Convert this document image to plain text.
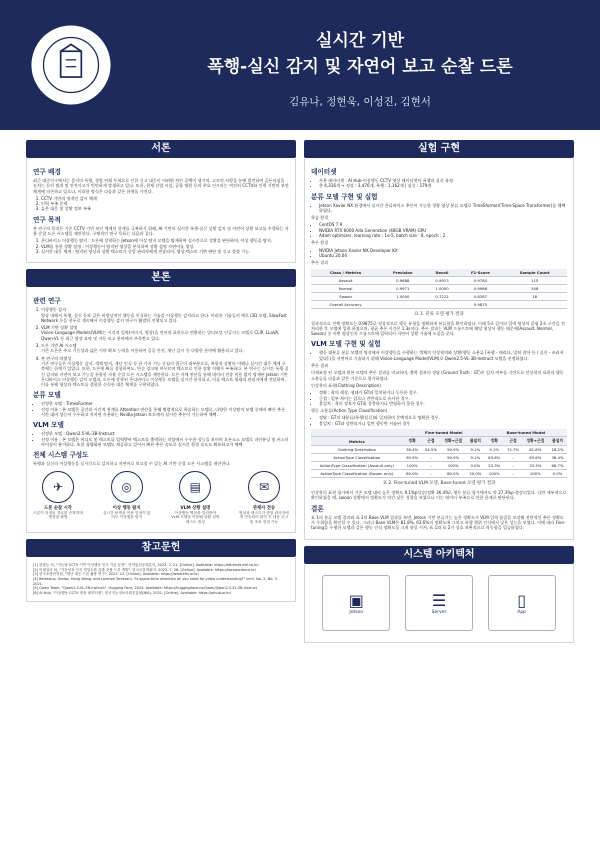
실시간 기반
폭행-실신 감지 및 자연어 보고 순찰 드론
김유나, 정현욱, 이성진, 김현서
서론
연구 배경
최근 대중인구에서는 묻지마 폭행, 경범 연쇄 투척으로 인한 신고 대응이 어려워 치안 공백이 생기며, 고르린 사람을 눈에 발견하여 골든타임을 놓치는 등의 범죄 및 안전사고가 빈번하게 발생하고 있다. 또한, 현재 산업 시설, 공항 병원 등의 주요 인프라는 여전히 CCTV와 인력 기반의 보안 체계에 의존하고 있으나, 이러한 방식은 다음과 같은 한계를 가진다.
1. CCTV 기반의 정적인 감시 체계
2. 인력 부족 문제
3. 늦은 대응 및 상황 정보 부족
연구 목적
본 연구의 목적은 기존 CCTV 기반 보안 체계의 한계를 극복하기 위해, AI 기반의 실시간 폭행·실신 상황 감지 및 자연어 상황 보고를 수행하는 자율 순찰 드론 시스템을 제안한다. 구체적인 연구 목표는 다음과 같다.
1. 온디바이스 이상행동 탐지 : 드론에 장착하는 Jetson에 이상 탐지 모델을 탑재하여 실시간으로 상황을 판단하며, 이상 행동을 탐지.
2. VLM을 통한 상황 설명 : 이상행동이 탐지된 영상을 분석하여 상황 설명 자연어를 생성.
3. 실시간 대응 체계 : 탐지된 영상과 상황 텍스트가 중앙 관리자에게 전송되어, 영상·텍스트 기반 판단 및 신고 결정 가능.
본론
관련 연구
1. 이상행동 감지
영상 내에서 폭행, 실신 등과 같은 비정상적인 행동을 인식하는 기술을 이상행동 감지라고 한다. 이러한 기술들의 예로 I3D 모델, SlowFast Network 등을 선두로 계속해서 이상행동 감지 연구가 활발히 진행되고 있다.
2. VLM 기반 상황 설명
Vision-Language Models(VLM)는 시각적 입력(이미지, 영상)을 언어적 표현으로 변환하는 멀티모달 인공지능 모델로 CLIP, LLaVA, Qwen-VL 등 최근 영상 요약 및 자동 보고 분야에서 주목받고 있다.
3. 드론 기반 AI 시스템
기존 드론은 주로 기동성과 넓은 시야 확보 능력을 이용하여 공공 안전, 재난 감시 등 다양한 분야에 활용되고 있다.
4. 본 연구의 차별성
기존 연구들은 이상행동 감지, 객체 탐지, 재난 인식 등 한 가지 기능 중심의 접근이 대부분으로, 복합적 상황의 이해나 실시간 대응 체계 구축에는 한계가 있었다. 또한, 드론에 AI를 결합하여도, 단순 경고에 머무르며 텍스트로 인한 상황 이해가 부족하다. 본 연구는 실시간 폭행·실신 감지와 자연어 보고 기능을 통합한 자율 순찰 드론 시스템을 제안한다. 드론 자체 연산을 통해 데이터 전송 비용 없이 탑재된 Jetson 기반 온디바이스 이상행동 감지 모델과, 드론에 장착된 온디바이스 이상행동 모델을 실시간 분석하고, 이를 텍스트 형태의 관리자에게 전달하여, 이를 통해 영상과 텍스트를 결합한 신속한 대응 체계를 구현하였다.
분류 모델
• 선정한 모델 : TimesFormer
• 선정 이유 : 본 모델은 공간과 시간적 관계를 Attention 연산을 통해 병렬적으로 학습하는 모델로, 다양한 이상탐지 모델 중에서 빠른 추론 시간 대비 성능이 우수하고 저지연 사용하는 Nvidia Jetson 보드에서 실시간 추론이 가능하여 채택.
VLM 모델
• 선정한 모델 : Qwen2.5-VL-3B-Instruct
• 선정 이유 : 본 모델은 비디오 및 텍스트를 입력받아 텍스트를 출력하는 작업에서 우수한 성능을 보이며 오픈소스 모델로 파인튜닝 및 커스터마이징이 용이하다. 또한 경량화된 모델도 제공하고 있어서 빠른 추론 속도로 실시간 환경 속도도 확보하고자 채택.
전체 시스템 구성도
폭행과 실신의 이상행동을 실시간으로 감지하고 자연어로 보고할 수 있는 AI 기반 순찰 드론 시스템을 제안한다.
✈
드론 순찰 시작
드론이 지정된 경로를 순찰하며 영상을 촬영
◎
이상 행동 탐지
실시간 탐색을 이용 일정이 있어도 이상행동 탐지
▤
VLM 상황 설명
이상행동 영상을 입력받아 VLM 모델을 이용해 상황 설명 텍스트 생성
✉
관제자 전송
영상과 텍스트가 중앙 관리자에게 전송되어 확인 후 대응 신고 및 조치 결정 가능
참고문헌
[1] 한창능 외, "지능형 CCTV 기반 이상행동 인식 기술 동향", 전자통신동향분석, 2023. 7. 21. [Online]. Available: https://ettrends.etri.re.kr/
[2] 이데일리 외, "기동성과 인식 정밀도를 갖춘 순찰 드론 개발", 한국로봇학회지, 2023. 7. 28. [Online]. Available: https://koreascience.kr/
[3] 한국소방안전원, "재난 대응 드론 활용 연구", 2023. 12. [Online]. Available: https://www.kfsi.or.kr/
[4] Bertasius, Gedas, Heng Wang, and Lorenzo Torresani, "Is space-time attention all you need for video understanding?" Icml. Vol. 2. No. 3. 2021.
[5] Qwen Team, "Qwen2.5-VL-3B-Instruct", Hugging Face, 2024. Available: https://huggingface.co/Qwen/Qwen2.5-VL-3B-Instruct
[6] AI Hub, "이상행동 CCTV 영상 데이터셋", 한국지능정보사회진흥원(NIA), 2021. [Online]. Available: https://aihub.or.kr/
실험 구현
데이터셋
• 사용 데이터셋 : AI Hub 이상행동 CCTV 영상 데이터셋의 폭행과 실신 유형
• 총 4,316개 → 정상 : 3,476개, 폭행 : 1,162개 | 실신 : 179개
분류 모델 구현 및 실험
• Jetson Xavier NX 환경에서 실시간 온디바이스 추론이 가능한 경량 영상 분류 모델로 TimeSformer(Time-Space Transformer)를 채택하였다.
학습 환경
• CentOS 7.9
• NVIDIA RTX 6000 Ada Generation (48GB VRAM) GPU
• Adam optimizer, learning rate : 1e-5, batch size : 8, epoch : 2
추론 환경
• NVIDIA Jetson Xavier NX Developer Kit
• Ubuntu 20.04
추론 결과
Class / Metrics	Precision	Recall	F1-Score	Sample Count
Assault	0.9688	0.9913	0.9784	115
Normal	0.9971	1.0000	0.9986	348
Swoon	1.0000	0.7222	0.8387	18
Overall Accuracy			0.9875	
표 1. 분류 모델 평가 결과
결과적으로 전체 정확도는 0.9875로 정상적으로 행동 유형을 정확하게 분류함을 확인하였다. 이때 5초 길이의 입력 영상의 클립 2초 구간을 전처리한 후 모델에 입력 하였으며, 평균 추론 시간은 1.3s이다. 추론 결과는 VLM 프롬프트에 해당 영상이 행동 때문에(Assault, Normal, Swoon) 중 어떤 영상인지 프롬프트에 입력되어 자연어 상황 기술에 도움을 준다.
VLM 모델 구현 및 실험
• 행동 대분류 분류 모델의 영상에서 이상행동을 수행하는 객체의 인상착의와 상황(행동 소분류 [폭행 - 때리다, 밀쳐 잡아 등 / 실신 - 쓰러져 있다] )을 자연어로 기술하기 위해 Vision-Language Model(VLM)로 Qwen2.5-VL-3B-Instruct 모델을 선정하였다.
추론 결과
미세조정 된 모델과 원본 모델의 추론 결과를 비교하며, 출력 결과의 정답 (Ground Truth : GT)은 일치 여부를 기반으로 인상착의 표현과 행동 소분류를 다음과 같은 기준으로 평가하였다.
인상착의 표현(Clothing Description)
• 정확 : 착의 색상, 형태가 GT와 일치하거나 동등한 경우.
• 근접 : 일부 차이는 있으나 전반적으로 유사한 경우.
• 불일치 : 착의 정보가 GT와 상충하거나 반영하지 못한 경우.
행동 소분류(Action Type Classification)
• 정답 : GT의 대분류(폭행/실신)와 일치하며 문맥적으로 명확한 경우.
• 불일치 : GT와 상반되거나 일반 행동만 서술된 경우
	Fine-tuned Model				Base-tuned Model			
Metrics	정확	근접	정확+근접	불일치	정확	근접	정확+근접	불일치
Clothing Description	36.4%	54.5%	90.9%	9.1%	9.1%	72.7%	81.8%	18.2%
ActionType Classification	90.9%	-	90.9%	9.1%	63.6%	-	63.6%	36.4%
ActionType Classification (Assault only)	100%	-	100%	0.0%	33.3%	-	33.3%	66.7%
ActionType Classification (Swoon only)	80.0%	-	80.0%	20.0%	100%	-	100%	0.0%
표 2. Fine-tuned VLM 모델, Base-tuned 모델 평가 결과
인상착의 표현 평가에서 기존 모델 대비 높은 정확도 9.1%p상승(정확 36.4%), 행동 분류 평가에서도 약 27.3%p 향상되었다. 다만 세부적으로 확인하였을 때, swoon 상황에서 정확도가 약간 낮은 경향을 보였으나 이는 데이터 부족으로 인한 한계로 판단된다.
결론
표 1의 분류 모델 결과와 표 2의 Base VLM 결과를 보면, Jetson 기반 분류기는 높은 정확도가 VLM 입력 품질을 보장해 전반적인 추론 정확도가 우위함을 확인할 수 있다. 그러나 Base VLM은 81.8%, 63.6%의 정확도에 그치고 폭행 행위 인식에서 낮은 성능을 보였다. 이에 따라 Fine-tuning을 수행한 모델과 같은 행동 인식 정확도를 크게 향상 시켜, 표 1와 표 2가 상호 보완적으로 작동함을 입증하였다.
시스템 아키텍처
▣
Jetson
☰
Server
▯
App
